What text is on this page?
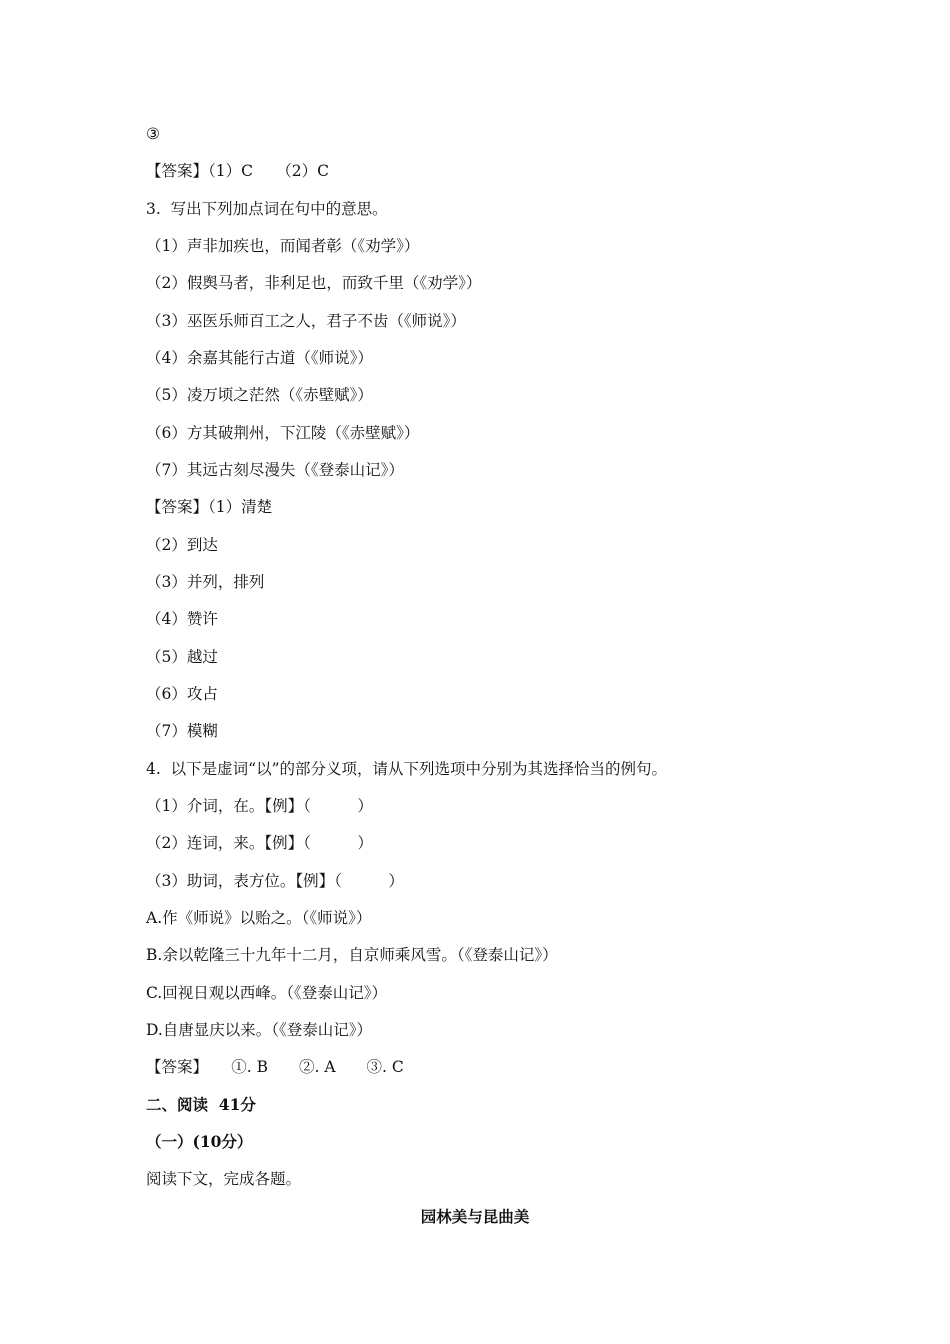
③
【答案】（1）C　　（2）C
3.  写出下列加点词在句中的意思。
（1）声非加疾也，而闻者彰（《劝学》）
（2）假舆马者，非利足也，而致千里（《劝学》）
（3）巫医乐师百工之人，君子不齿（《师说》）
（4）余嘉其能行古道（《师说》）
（5）凌万顷之茫然（《赤壁赋》）
（6）方其破荆州，下江陵（《赤壁赋》）
（7）其远古刻尽漫失（《登泰山记》）
【答案】（1）清楚
（2）到达
（3）并列，排列
（4）赞许
（5）越过
（6）攻占
（7）模糊
4.  以下是虚词“以”的部分义项，请从下列选项中分别为其选择恰当的例句。
（1）介词，在。【例】（　　　）
（2）连词，来。【例】（　　　）
（3）助词，表方位。【例】（　　　）
A.作《师说》以贻之。（《师说》）
B.余以乾隆三十九年十二月，自京师乘风雪。（《登泰山记》）
C.回视日观以西峰。（《登泰山记》）
D.自唐显庆以来。（《登泰山记》）
【答案】　　①. B　　②. A　　③. C
二、阅读  41分
（一）(10分）
阅读下文，完成各题。
园林美与昆曲美
